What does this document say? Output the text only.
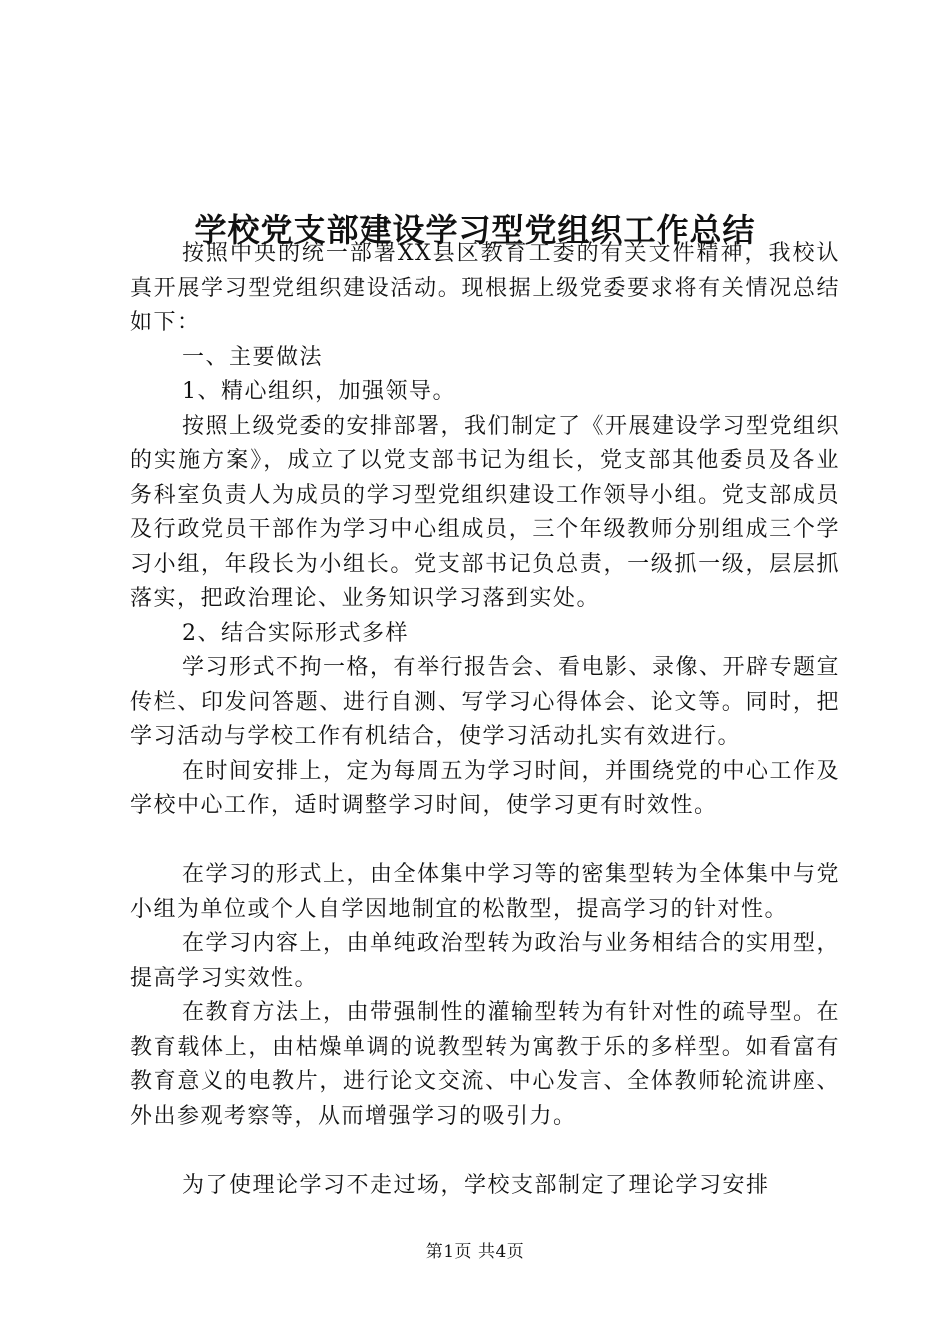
学校党支部建设学习型党组织工作总结

按照中央的统一部署XX县区教育工委的有关文件精神，我校认真开展学习型党组织建设活动。现根据上级党委要求将有关情况总结如下：

一、主要做法

1、精心组织，加强领导。

按照上级党委的安排部署，我们制定了《开展建设学习型党组织的实施方案》，成立了以党支部书记为组长，党支部其他委员及各业务科室负责人为成员的学习型党组织建设工作领导小组。党支部成员及行政党员干部作为学习中心组成员，三个年级教师分别组成三个学习小组，年段长为小组长。党支部书记负总责，一级抓一级，层层抓落实，把政治理论、业务知识学习落到实处。

2、结合实际形式多样

学习形式不拘一格，有举行报告会、看电影、录像、开辟专题宣传栏、印发问答题、进行自测、写学习心得体会、论文等。同时，把学习活动与学校工作有机结合，使学习活动扎实有效进行。

在时间安排上，定为每周五为学习时间，并围绕党的中心工作及学校中心工作，适时调整学习时间，使学习更有时效性。

在学习的形式上，由全体集中学习等的密集型转为全体集中与党小组为单位或个人自学因地制宜的松散型，提高学习的针对性。

在学习内容上，由单纯政治型转为政治与业务相结合的实用型，提高学习实效性。

在教育方法上，由带强制性的灌输型转为有针对性的疏导型。在教育载体上，由枯燥单调的说教型转为寓教于乐的多样型。如看富有教育意义的电教片，进行论文交流、中心发言、全体教师轮流讲座、外出参观考察等，从而增强学习的吸引力。

为了使理论学习不走过场，学校支部制定了理论学习安排

第1页 共4页
